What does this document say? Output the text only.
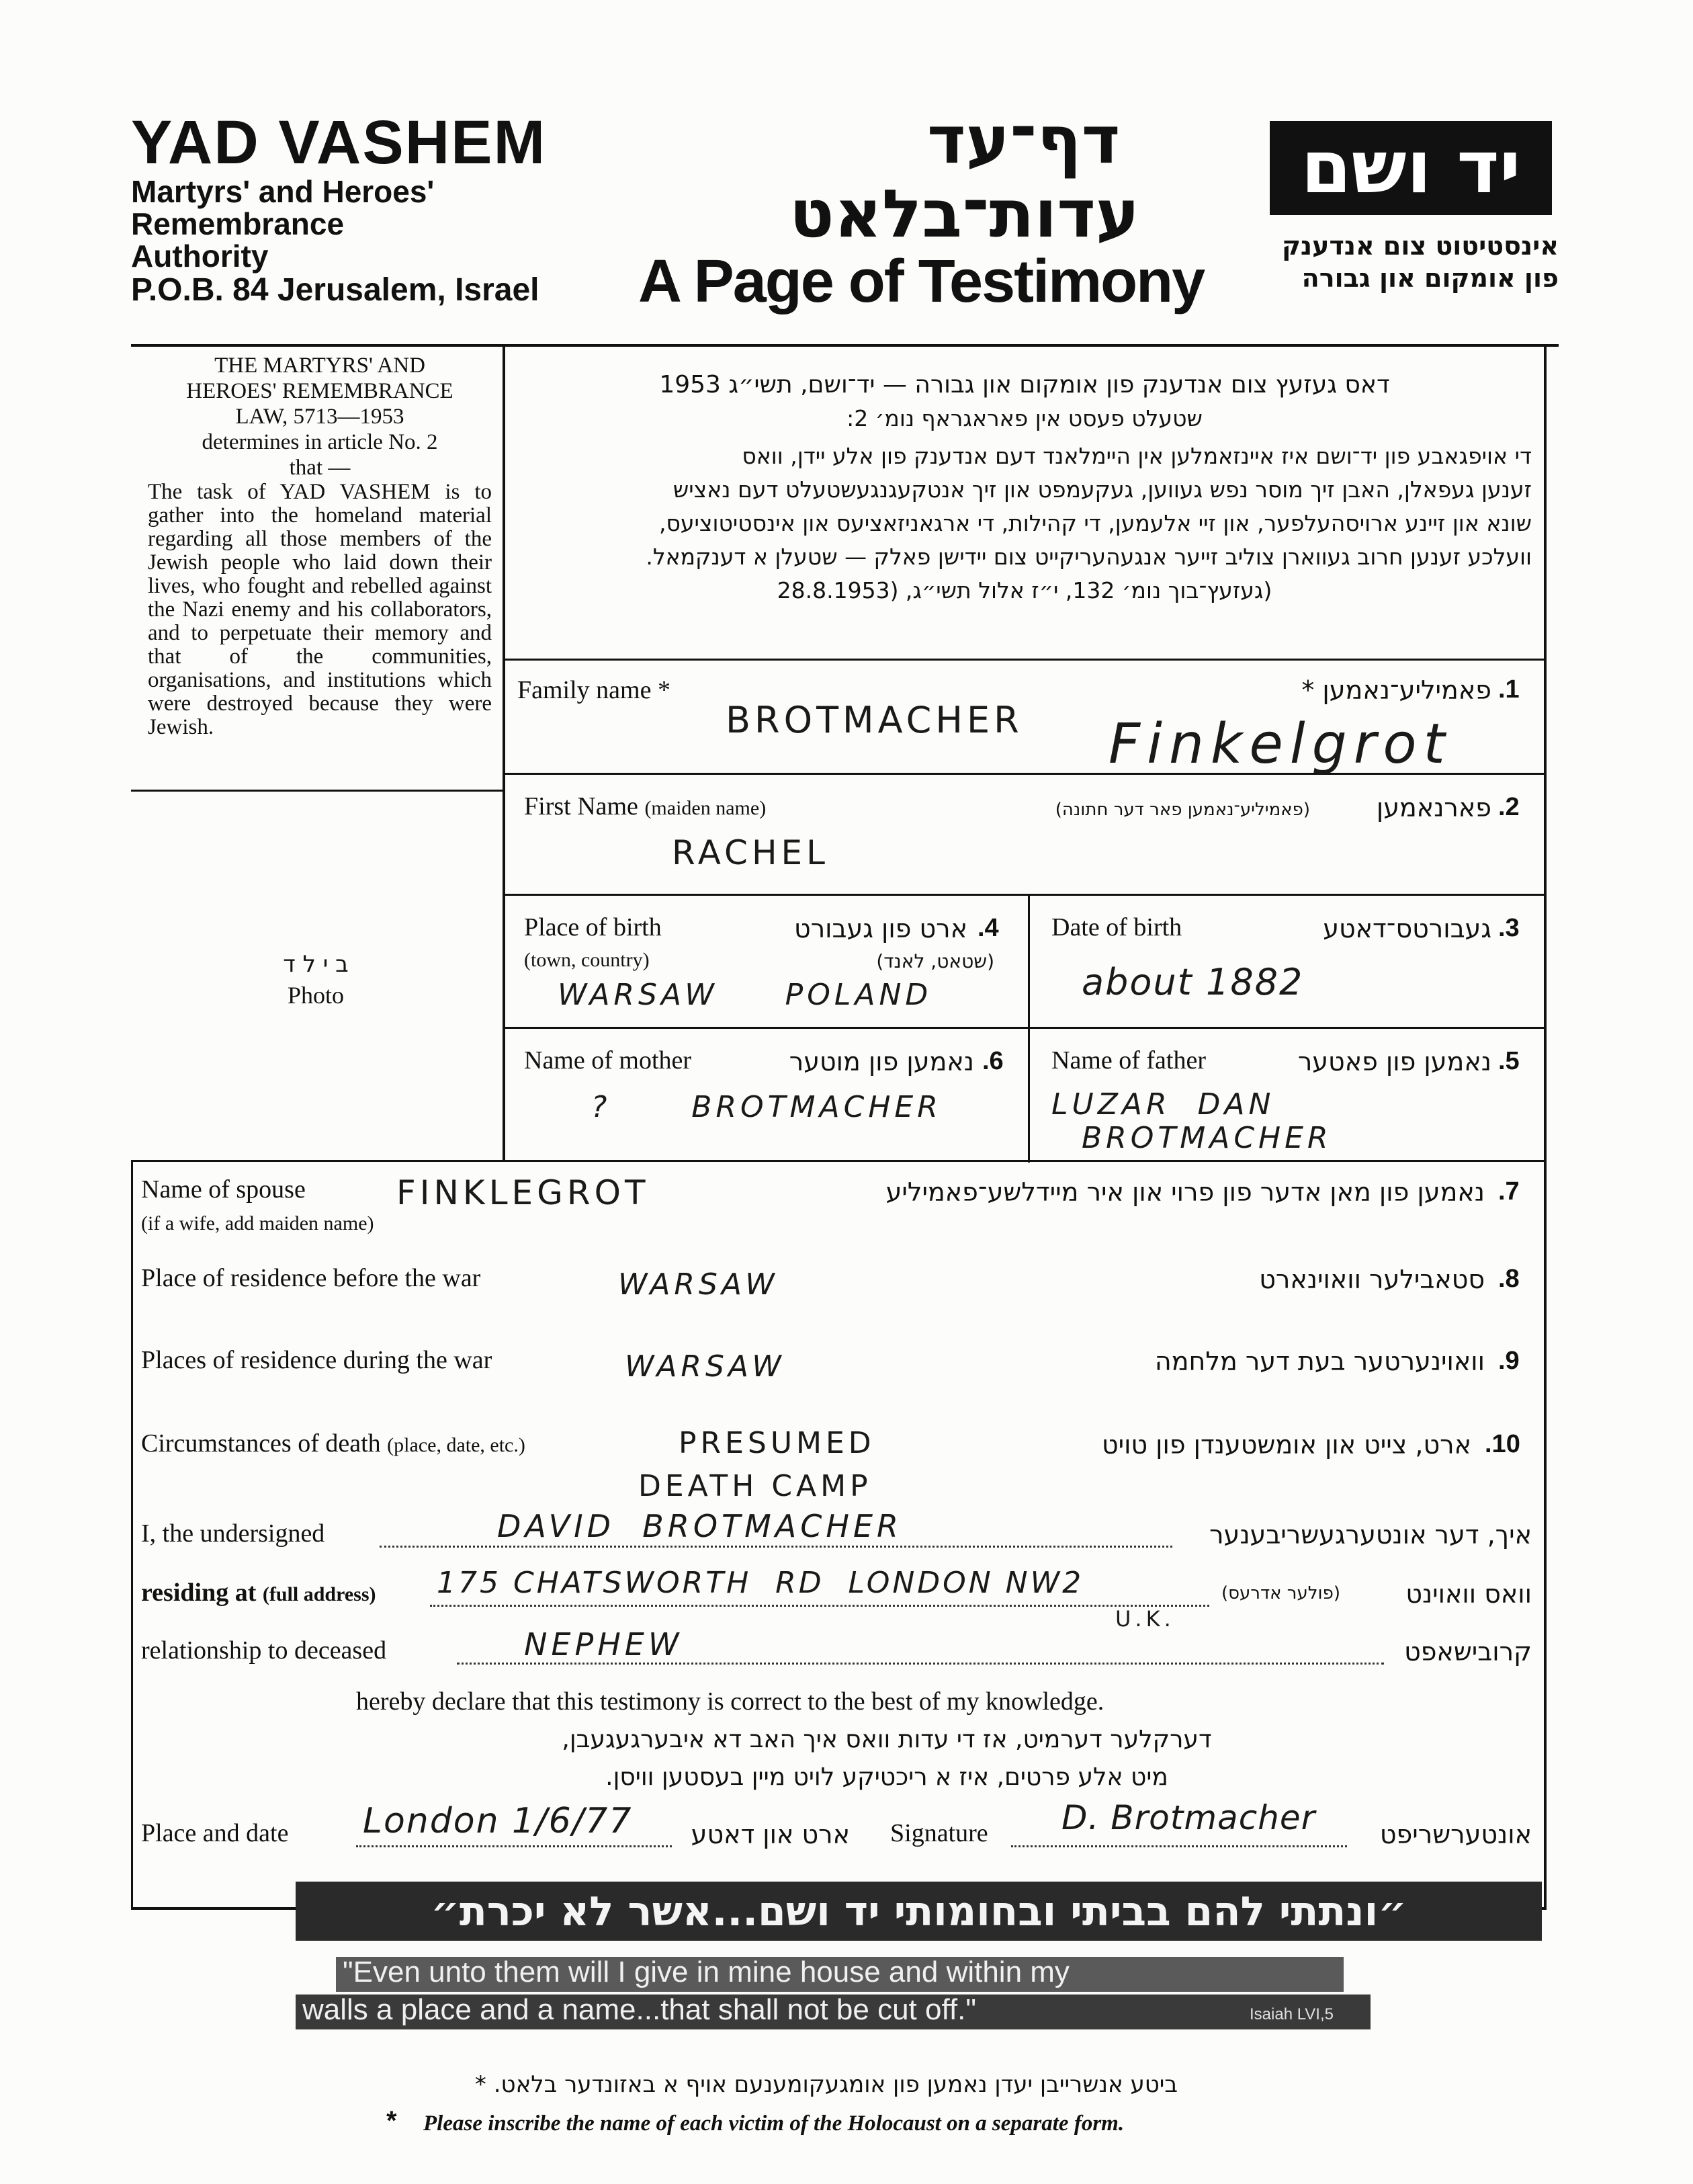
YAD VASHEM
Martyrs' and Heroes'
Remembrance
Authority
P.O.B. 84 Jerusalem, Israel
דף־עד
עדות־בלאט
A Page of Testimony
יד ושם
אינסטיטוט צום אנדענק
פון אומקום און גבורה
THE MARTYRS' AND
HEROES' REMEMBRANCE
LAW, 5713—1953
determines in article No. 2
that —
The task of YAD VASHEM is to gather into the homeland material regarding all those members of the Jewish people who laid down their lives, who fought and rebelled against the Nazi enemy and his collaborators, and to perpetuate their memory and that of the communities, organisations, and institutions which were destroyed because they were Jewish.
ב י ל ד
Photo
דאס געזעץ צום אנדענק פון אומקום און גבורה — יד־ושם, תשי״ג 1953
שטעלט פעסט אין פאראגראף נומ׳ 2:
די אויפגאבע פון יד־ושם איז איינזאמלען אין היימלאנד דעם אנדענק פון אלע יידן, וואס
זענען געפאלן, האבן זיך מוסר נפש געווען, געקעמפט און זיך אנטקעגנגעשטעלט דעם נאציש
שונא און זיינע ארויסהעלפער, און זיי אלעמען, די קהילות, די ארגאניזאציעס און אינסטיטוציעס,
וועלכע זענען חרוב געווארן צוליב זייער אנגעהעריקייט צום יידישן פאלק — שטעלן א דענקמאל.
(געזעץ־בוך נומ׳ 132, י״ז אלול תשי״ג, (28.8.1953
Family name *	פאמיליע־נאמען * .1
BROTMACHER Finkelgrot
First Name (maiden name)	פארנאמען
(פאמיליע־נאמען פאר דער חתונה)	.2
RACHEL
Place of birth
(town, country)
ארט פון געבורט
(שטאט, לאנד)
.4
WARSAW     POLAND
Date of birth	געבורטס־דאטע .3
about 1882
Name of mother	נאמען פון מוטער .6
?      BROTMACHER
Name of father	נאמען פון פאטער .5
LUZAR  DAN
BROTMACHER
Name of spouse
(if a wife, add maiden name)
נאמען פון מאן אדער פון פרוי און איר מיידלשע־פאמיליע .7
FINKLEGROT
Place of residence before the war	סטאבילער וואוינארט .8
WARSAW
Places of residence during the war	וואוינערטער בעת דער מלחמה .9
WARSAW
Circumstances of death (place, date, etc.)	ארט, צייט און אומשטענדן פון טויט .10
PRESUMED
DEATH CAMP
I, the undersigned	DAVID  BROTMACHER	איך, דער אונטערגעשריבענער
residing at (full address) 175 CHATSWORTH  RD  LONDON NW2
U.K.
(פולער אדרעס)	וואס וואוינט
relationship to deceased	NEPHEW	קרובישאפט
hereby declare that this testimony is correct to the best of my knowledge.
דערקלער דערמיט, אז די עדות וואס איך האב דא איבערגעגעבן,
מיט אלע פרטים, איז א ריכטיקע לויט מיין בעסטען וויסן.
Place and date London 1/6/77	ארט און דאטע Signature D. Brotmacher	אונטערשריפט
״ונתתי להם בביתי ובחומותי יד ושם...אשר לא יכרת״
"Even unto them will I give in mine house and within my
walls a place and a name...that shall not be cut off."	Isaiah LVI,5
ביטע אנשרייבן יעדן נאמען פון אומגעקומענעם אויף א באזונדער בלאט. *
* Please inscribe the name of each victim of the Holocaust on a separate form.
